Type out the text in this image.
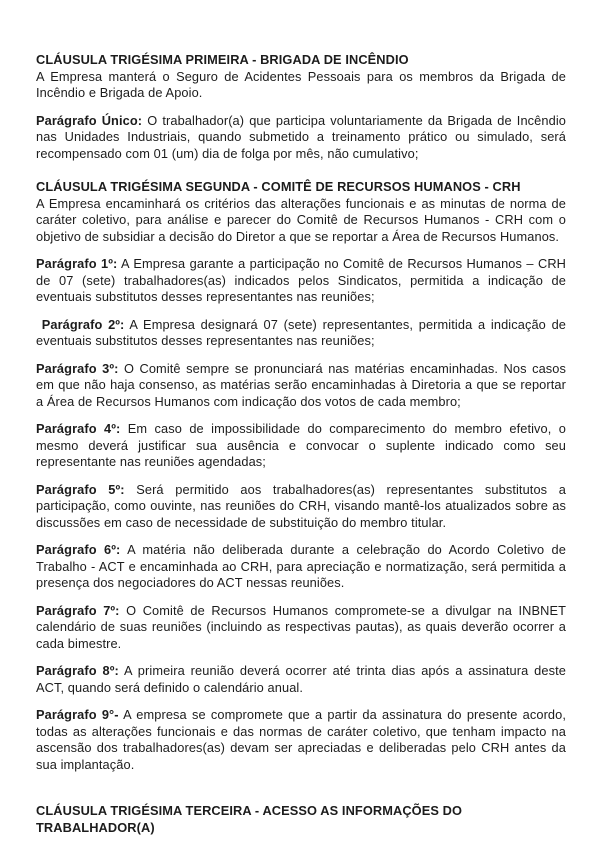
CLÁUSULA TRIGÉSIMA PRIMEIRA - BRIGADA DE INCÊNDIO

A Empresa manterá o Seguro de Acidentes Pessoais para os membros da Brigada de Incêndio e Brigada de Apoio.

Parágrafo Único: O trabalhador(a) que participa voluntariamente da Brigada de Incêndio nas Unidades Industriais, quando submetido a treinamento prático ou simulado, será recompensado com 01 (um) dia de folga por mês, não cumulativo;

CLÁUSULA TRIGÉSIMA SEGUNDA - COMITÊ DE RECURSOS HUMANOS - CRH

A Empresa encaminhará os critérios das alterações funcionais e as minutas de norma de caráter coletivo, para análise e parecer do Comitê de Recursos Humanos - CRH com o objetivo de subsidiar a decisão do Diretor a que se reportar a Área de Recursos Humanos.

Parágrafo 1º: A Empresa garante a participação no Comitê de Recursos Humanos – CRH de 07 (sete) trabalhadores(as) indicados pelos Sindicatos, permitida a indicação de eventuais substitutos desses representantes nas reuniões;

Parágrafo 2º: A Empresa designará 07 (sete) representantes, permitida a indicação de eventuais substitutos desses representantes nas reuniões;

Parágrafo 3º: O Comitê sempre se pronunciará nas matérias encaminhadas. Nos casos em que não haja consenso, as matérias serão encaminhadas à Diretoria a que se reportar a Área de Recursos Humanos com indicação dos votos de cada membro;

Parágrafo 4º: Em caso de impossibilidade do comparecimento do membro efetivo, o mesmo deverá justificar sua ausência e convocar o suplente indicado como seu representante nas reuniões agendadas;

Parágrafo 5º: Será permitido aos trabalhadores(as) representantes substitutos a participação, como ouvinte, nas reuniões do CRH, visando mantê-los atualizados sobre as discussões em caso de necessidade de substituição do membro titular.

Parágrafo 6º: A matéria não deliberada durante a celebração do Acordo Coletivo de Trabalho - ACT e encaminhada ao CRH, para apreciação e normatização, será permitida a presença dos negociadores do ACT nessas reuniões.

Parágrafo 7º: O Comitê de Recursos Humanos compromete-se a divulgar na INBNET calendário de suas reuniões (incluindo as respectivas pautas), as quais deverão ocorrer a cada bimestre.

Parágrafo 8º: A primeira reunião deverá ocorrer até trinta dias após a assinatura deste ACT, quando será definido o calendário anual.

Parágrafo 9°- A empresa se compromete que a partir da assinatura do presente acordo, todas as alterações funcionais e das normas de caráter coletivo, que tenham impacto na ascensão dos trabalhadores(as) devam ser apreciadas e deliberadas pelo CRH antes da sua implantação.

CLÁUSULA TRIGÉSIMA TERCEIRA - ACESSO AS INFORMAÇÕES DO TRABALHADOR(A)
